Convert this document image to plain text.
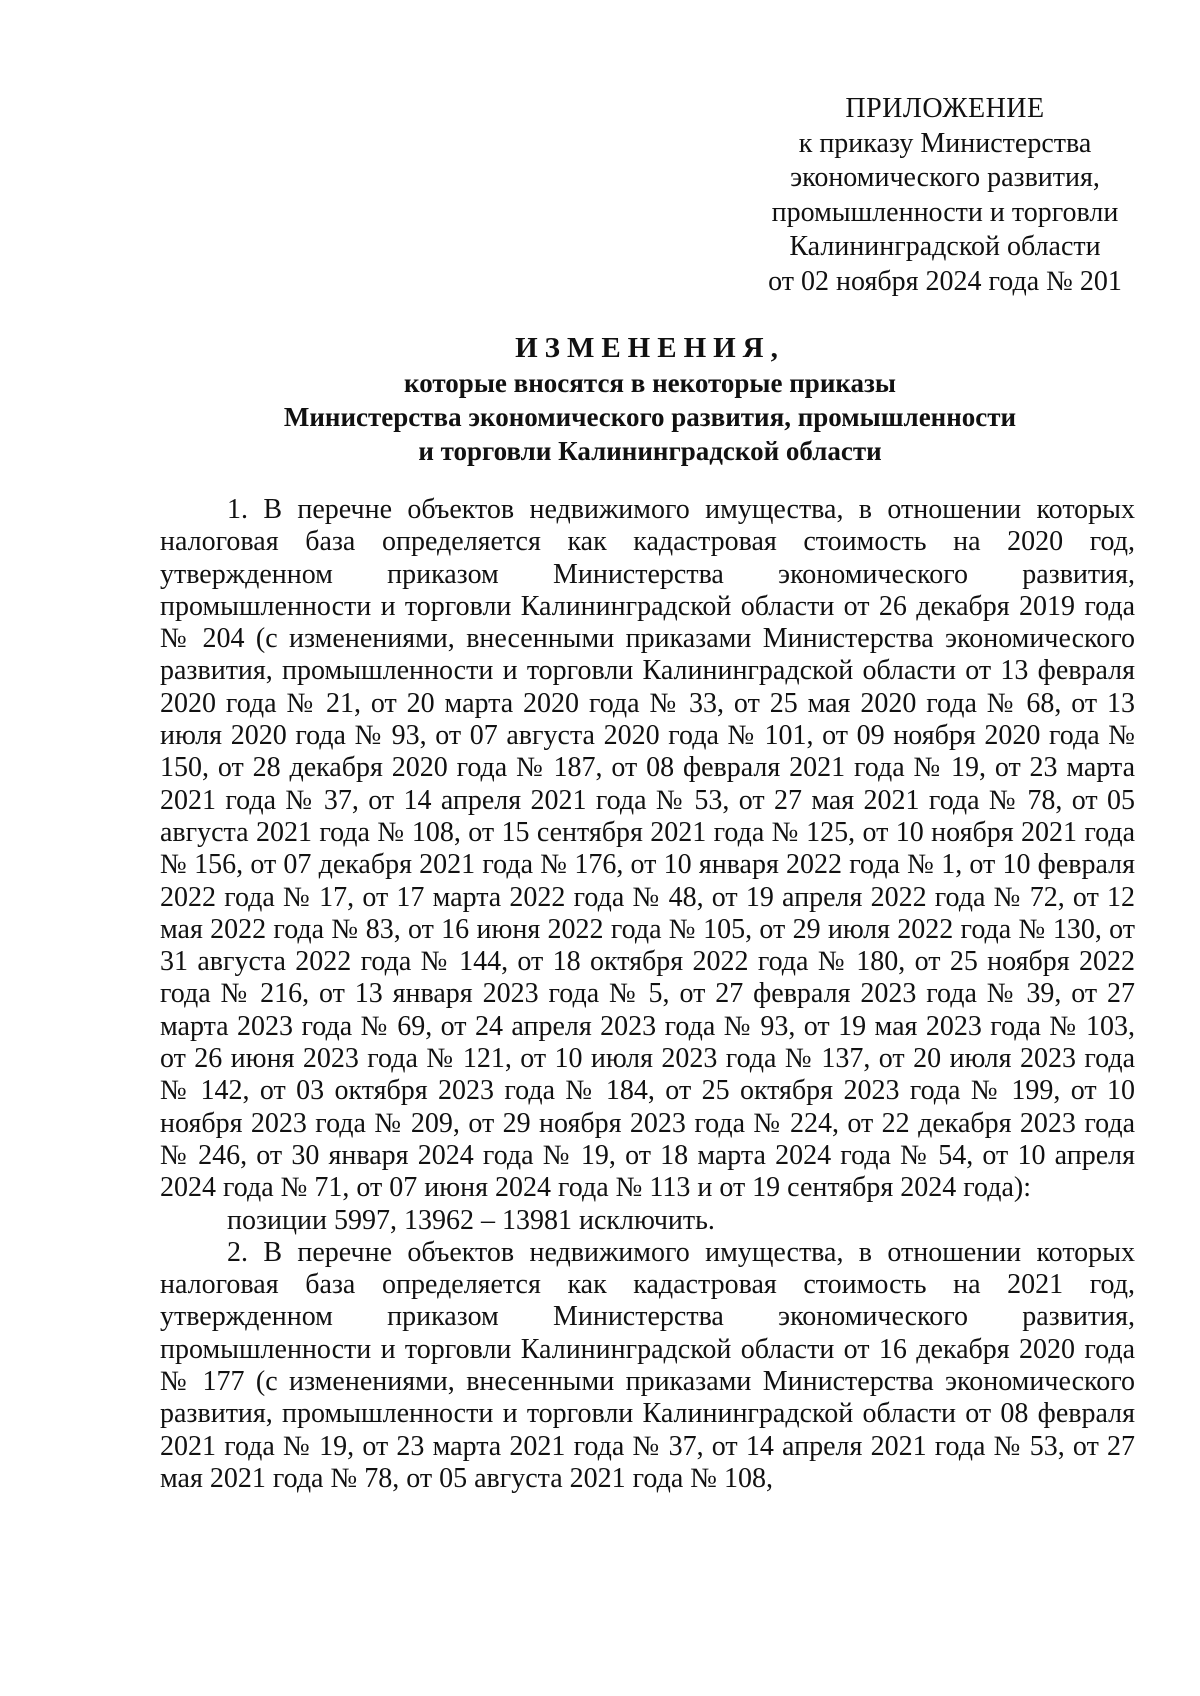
ПРИЛОЖЕНИЕ
к приказу Министерства
экономического развития,
промышленности и торговли
Калининградской области
от 02 ноября 2024 года № 201
ИЗМЕНЕНИЯ,
которые вносятся в некоторые приказы
Министерства экономического развития, промышленности
и торговли Калининградской области

1. В перечне объектов недвижимого имущества, в отношении которых налоговая база определяется как кадастровая стоимость на 2020 год, утвержденном приказом Министерства экономического развития, промышленности и торговли Калининградской области от 26 декабря 2019 года № 204 (с изменениями, внесенными приказами Министерства экономического развития, промышленности и торговли Калининградской области от 13 февраля 2020 года № 21, от 20 марта 2020 года № 33, от 25 мая 2020 года № 68, от 13 июля 2020 года № 93, от 07 августа 2020 года № 101, от 09 ноября 2020 года № 150, от 28 декабря 2020 года № 187, от 08 февраля 2021 года № 19, от 23 марта 2021 года № 37, от 14 апреля 2021 года № 53, от 27 мая 2021 года № 78, от 05 августа 2021 года № 108, от 15 сентября 2021 года № 125, от 10 ноября 2021 года № 156, от 07 декабря 2021 года № 176, от 10 января 2022 года № 1, от 10 февраля 2022 года № 17, от 17 марта 2022 года № 48, от 19 апреля 2022 года № 72, от 12 мая 2022 года № 83, от 16 июня 2022 года № 105, от 29 июля 2022 года № 130, от 31 августа 2022 года № 144, от 18 октября 2022 года № 180, от 25 ноября 2022 года № 216, от 13 января 2023 года № 5, от 27 февраля 2023 года № 39, от 27 марта 2023 года № 69, от 24 апреля 2023 года № 93, от 19 мая 2023 года № 103, от 26 июня 2023 года № 121, от 10 июля 2023 года № 137, от 20 июля 2023 года № 142, от 03 октября 2023 года № 184, от 25 октября 2023 года № 199, от 10 ноября 2023 года № 209, от 29 ноября 2023 года № 224, от 22 декабря 2023 года № 246, от 30 января 2024 года № 19, от 18 марта 2024 года № 54, от 10 апреля 2024 года № 71, от 07 июня 2024 года № 113 и от 19 сентября 2024 года):

позиции 5997, 13962 – 13981 исключить.

2. В перечне объектов недвижимого имущества, в отношении которых налоговая база определяется как кадастровая стоимость на 2021 год, утвержденном приказом Министерства экономического развития, промышленности и торговли Калининградской области от 16 декабря 2020 года № 177 (с изменениями, внесенными приказами Министерства экономического развития, промышленности и торговли Калининградской области от 08 февраля 2021 года № 19, от 23 марта 2021 года № 37, от 14 апреля 2021 года № 53, от 27 мая 2021 года № 78, от 05 августа 2021 года № 108,
